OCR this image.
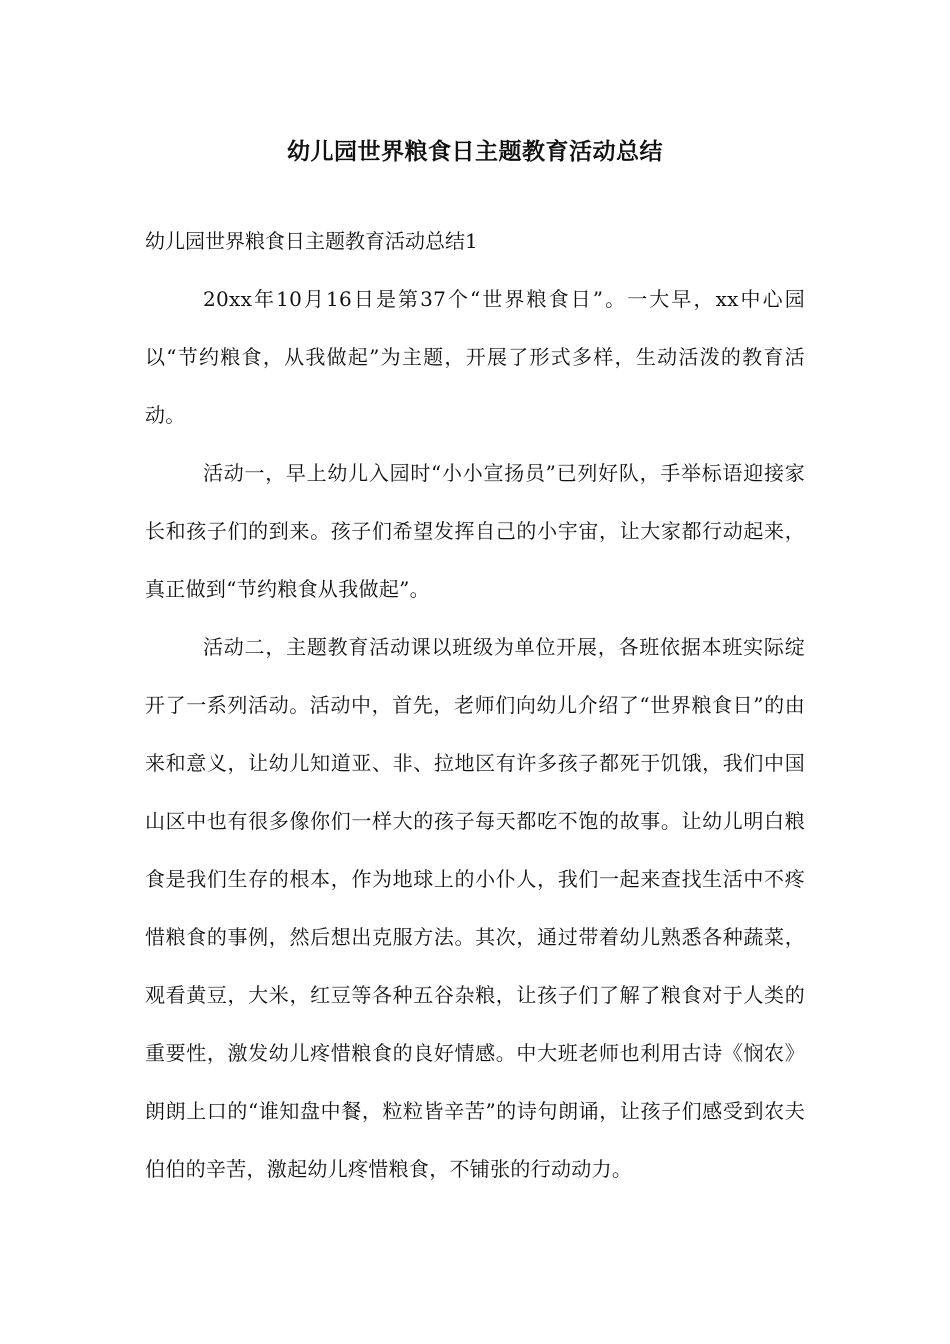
幼儿园世界粮食日主题教育活动总结

幼儿园世界粮食日主题教育活动总结1

20xx年10月16日是第37个“世界粮食日”。一大早，xx中心园以“节约粮食，从我做起”为主题，开展了形式多样，生动活泼的教育活动。

活动一，早上幼儿入园时“小小宣扬员”已列好队，手举标语迎接家长和孩子们的到来。孩子们希望发挥自己的小宇宙，让大家都行动起来，真正做到“节约粮食从我做起”。

活动二，主题教育活动课以班级为单位开展，各班依据本班实际绽开了一系列活动。活动中，首先，老师们向幼儿介绍了“世界粮食日”的由来和意义，让幼儿知道亚、非、拉地区有许多孩子都死于饥饿，我们中国山区中也有很多像你们一样大的孩子每天都吃不饱的故事。让幼儿明白粮食是我们生存的根本，作为地球上的小仆人，我们一起来查找生活中不疼惜粮食的事例，然后想出克服方法。其次，通过带着幼儿熟悉各种蔬菜，观看黄豆，大米，红豆等各种五谷杂粮，让孩子们了解了粮食对于人类的重要性，激发幼儿疼惜粮食的良好情感。中大班老师也利用古诗《悯农》朗朗上口的“谁知盘中餐，粒粒皆辛苦”的诗句朗诵，让孩子们感受到农夫伯伯的辛苦，激起幼儿疼惜粮食，不铺张的行动动力。
